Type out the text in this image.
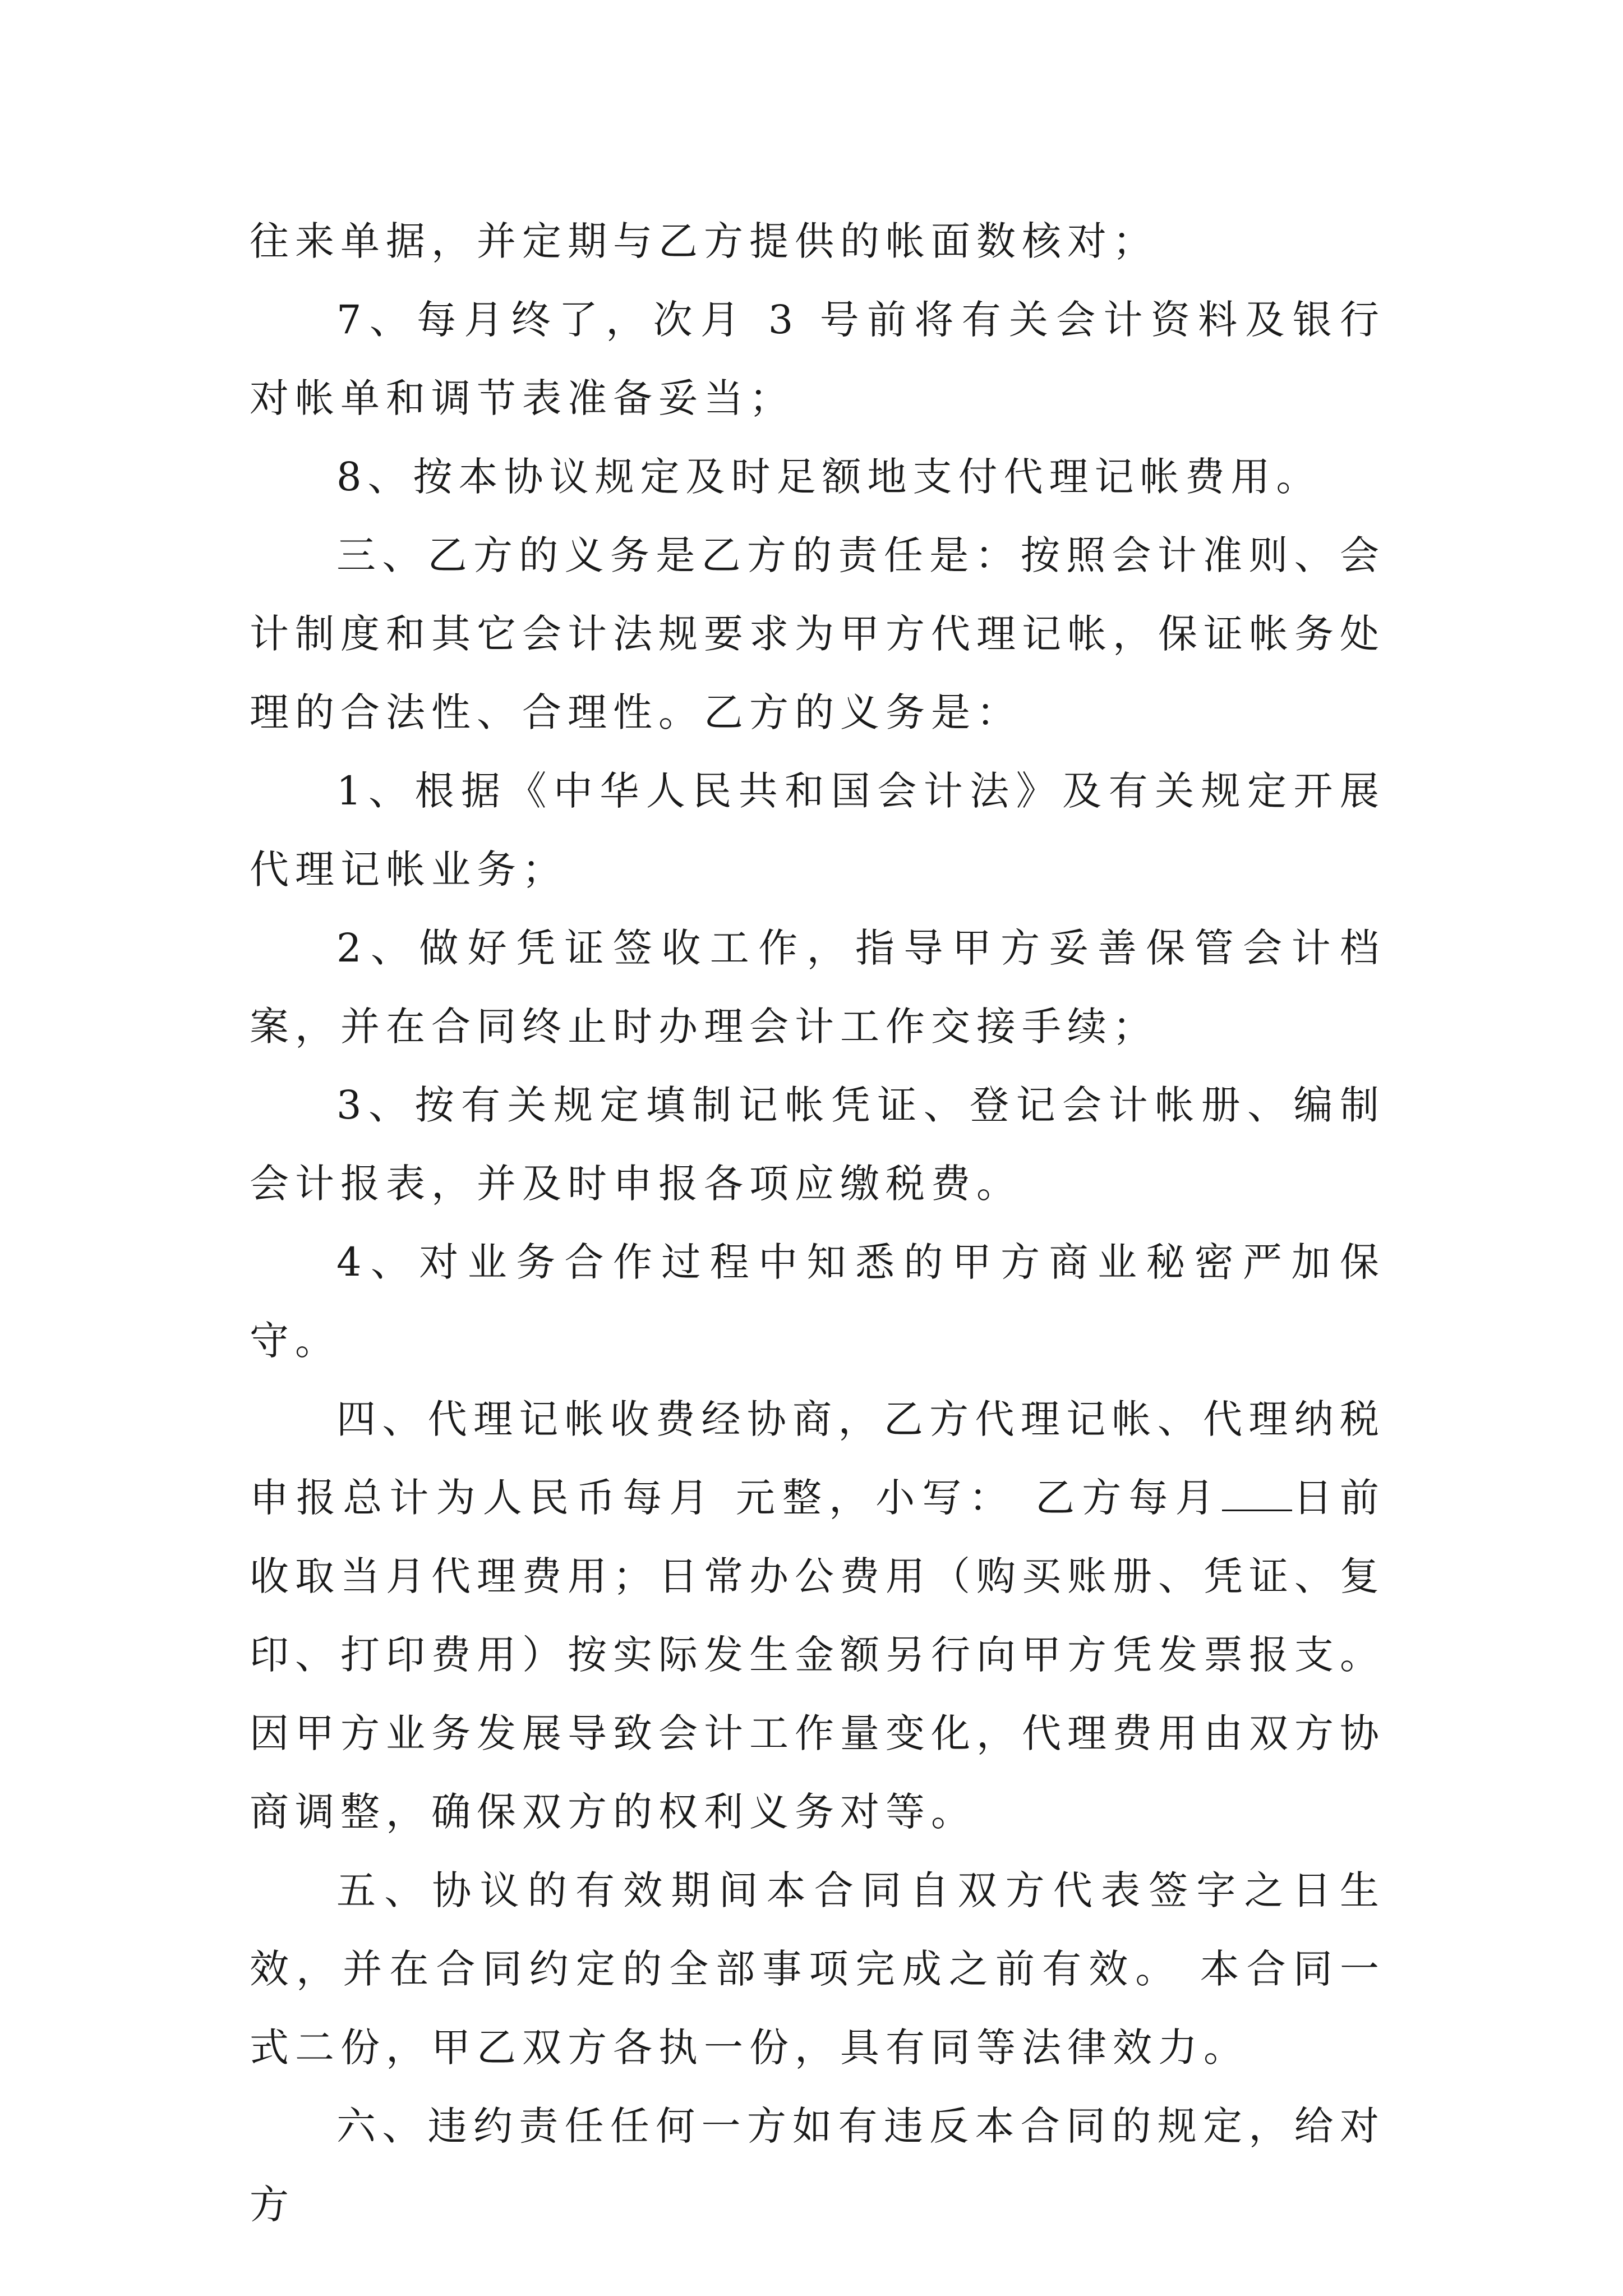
往来单据，并定期与乙方提供的帐面数核对；

7、每月终了，次月 3 号前将有关会计资料及银行对帐单和调节表准备妥当；

8、按本协议规定及时足额地支付代理记帐费用。

三、乙方的义务是乙方的责任是：按照会计准则、会计制度和其它会计法规要求为甲方代理记帐，保证帐务处理的合法性、合理性。乙方的义务是：

1、根据《中华人民共和国会计法》及有关规定开展代理记帐业务；

2、做好凭证签收工作，指导甲方妥善保管会计档案，并在合同终止时办理会计工作交接手续；

3、按有关规定填制记帐凭证、登记会计帐册、编制会计报表，并及时申报各项应缴税费。

4、对业务合作过程中知悉的甲方商业秘密严加保守。

四、代理记帐收费经协商，乙方代理记帐、代理纳税申报总计为人民币每月 元整，小写： 乙方每月 日前收取当月代理费用；日常办公费用（购买账册、凭证、复印、打印费用）按实际发生金额另行向甲方凭发票报支。因甲方业务发展导致会计工作量变化，代理费用由双方协商调整，确保双方的权利义务对等。

五、协议的有效期间本合同自双方代表签字之日生效，并在合同约定的全部事项完成之前有效。 本合同一式二份，甲乙双方各执一份，具有同等法律效力。

六、违约责任任何一方如有违反本合同的规定，给对方
